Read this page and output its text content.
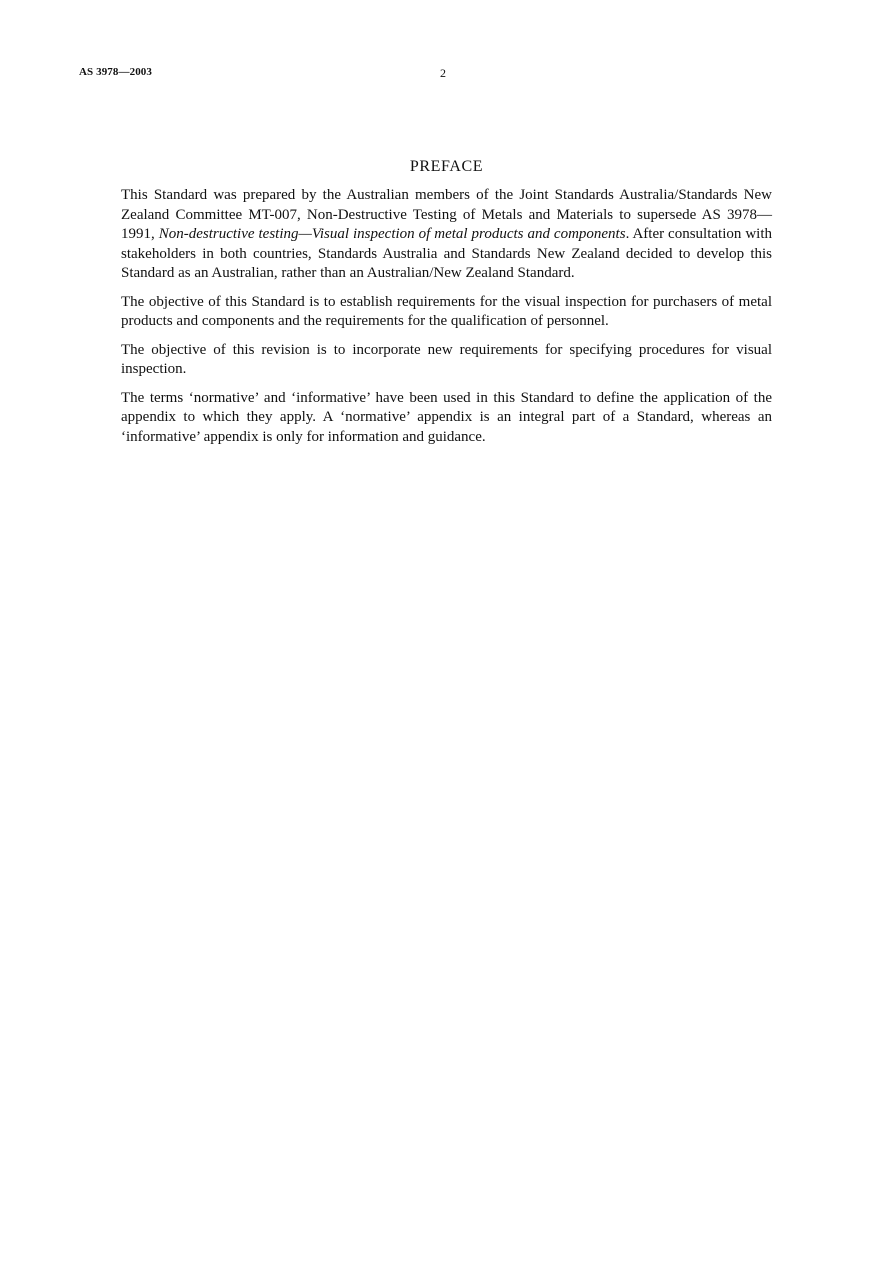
AS 3978—2003	2
PREFACE

This Standard was prepared by the Australian members of the Joint Standards Australia/Standards New Zealand Committee MT-007, Non-Destructive Testing of Metals and Materials to supersede AS 3978—1991, Non-destructive testing—Visual inspection of metal products and components. After consultation with stakeholders in both countries, Standards Australia and Standards New Zealand decided to develop this Standard as an Australian, rather than an Australian/New Zealand Standard.

The objective of this Standard is to establish requirements for the visual inspection for purchasers of metal products and components and the requirements for the qualification of personnel.

The objective of this revision is to incorporate new requirements for specifying procedures for visual inspection.

The terms ‘normative’ and ‘informative’ have been used in this Standard to define the application of the appendix to which they apply. A ‘normative’ appendix is an integral part of a Standard, whereas an ‘informative’ appendix is only for information and guidance.
